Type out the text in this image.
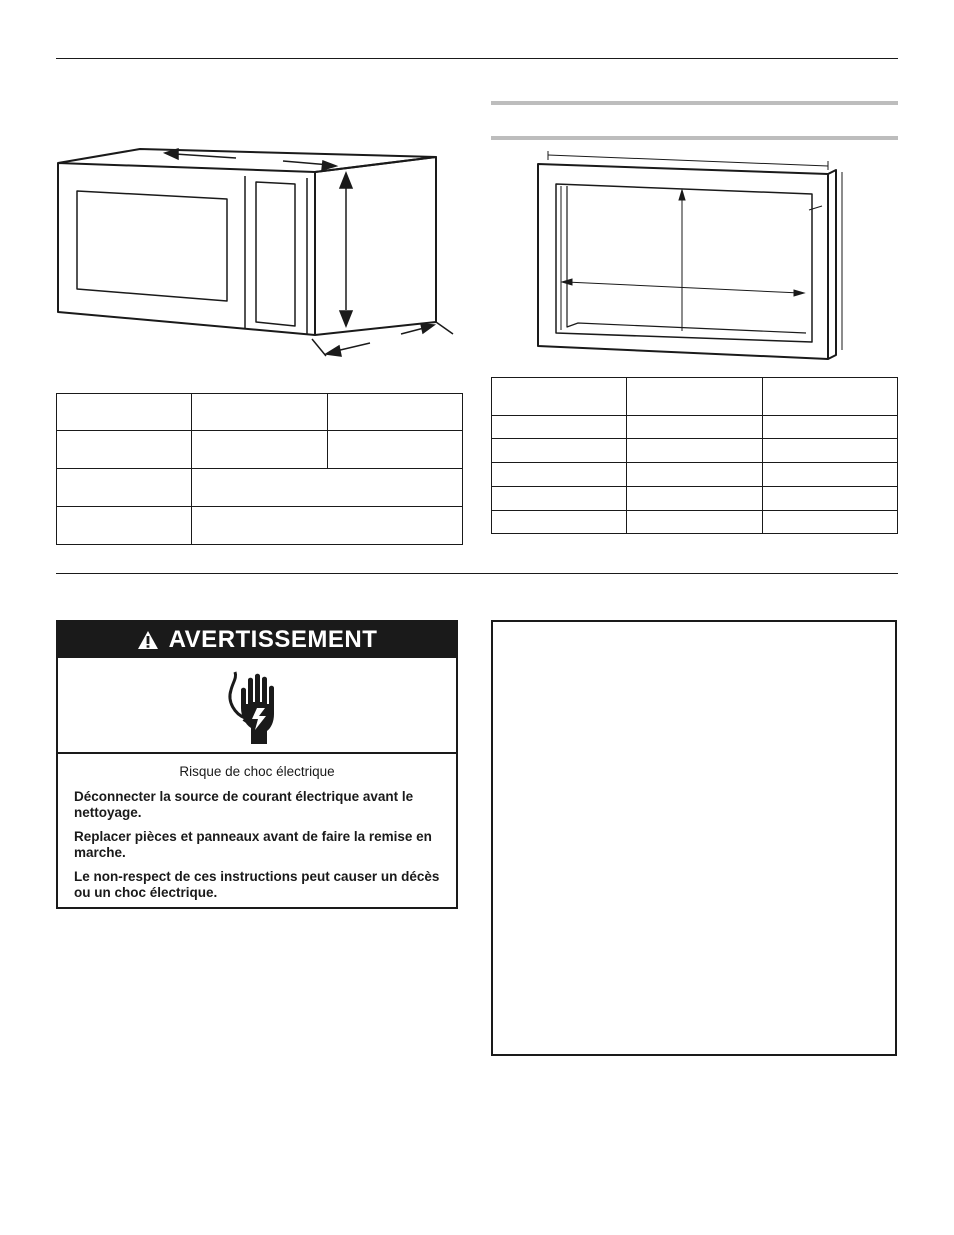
AVERTISSEMENT
Risque de choc électrique

Déconnecter la source de courant électrique avant le nettoyage.

Replacer pièces et panneaux avant de faire la remise en marche.

Le non-respect de ces instructions peut causer un décès ou un choc électrique.
